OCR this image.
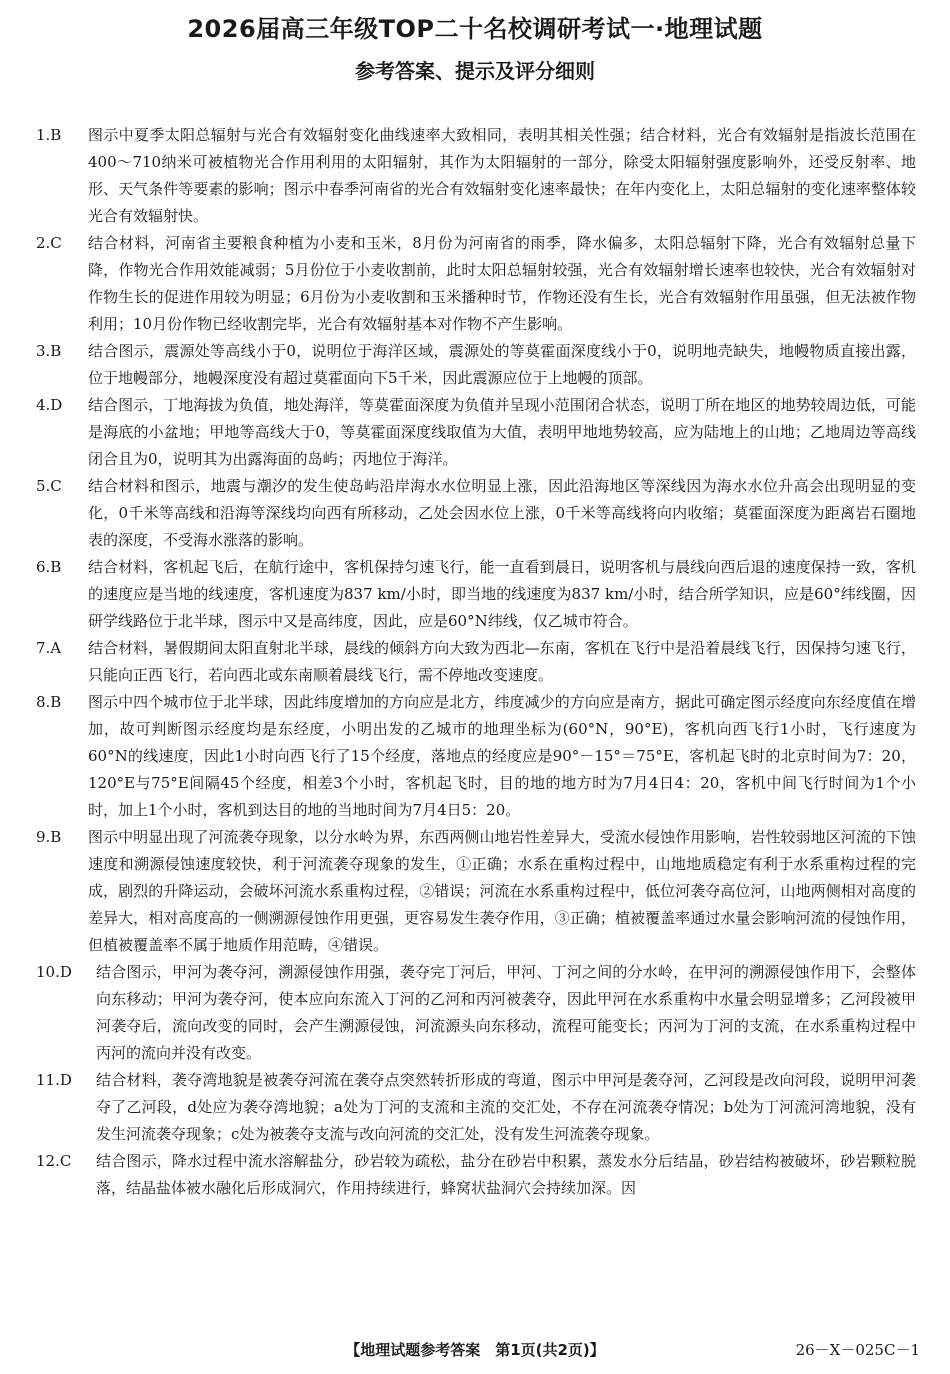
2026届高三年级TOP二十名校调研考试一·地理试题
参考答案、提示及评分细则
1.B	图示中夏季太阳总辐射与光合有效辐射变化曲线速率大致相同，表明其相关性强；结合材料，光合有效辐射是指波长范围在400～710纳米可被植物光合作用利用的太阳辐射，其作为太阳辐射的一部分，除受太阳辐射强度影响外，还受反射率、地形、天气条件等要素的影响；图示中春季河南省的光合有效辐射变化速率最快；在年内变化上，太阳总辐射的变化速率整体较光合有效辐射快。
2.C	结合材料，河南省主要粮食种植为小麦和玉米，8月份为河南省的雨季，降水偏多，太阳总辐射下降，光合有效辐射总量下降，作物光合作用效能减弱；5月份位于小麦收割前，此时太阳总辐射较强，光合有效辐射增长速率也较快，光合有效辐射对作物生长的促进作用较为明显；6月份为小麦收割和玉米播种时节，作物还没有生长，光合有效辐射作用虽强，但无法被作物利用；10月份作物已经收割完毕，光合有效辐射基本对作物不产生影响。
3.B	结合图示，震源处等高线小于0，说明位于海洋区域，震源处的等莫霍面深度线小于0，说明地壳缺失，地幔物质直接出露，位于地幔部分，地幔深度没有超过莫霍面向下5千米，因此震源应位于上地幔的顶部。
4.D	结合图示，丁地海拔为负值，地处海洋，等莫霍面深度为负值并呈现小范围闭合状态，说明丁所在地区的地势较周边低，可能是海底的小盆地；甲地等高线大于0，等莫霍面深度线取值为大值，表明甲地地势较高，应为陆地上的山地；乙地周边等高线闭合且为0，说明其为出露海面的岛屿；丙地位于海洋。
5.C	结合材料和图示，地震与潮汐的发生使岛屿沿岸海水水位明显上涨，因此沿海地区等深线因为海水水位升高会出现明显的变化，0千米等高线和沿海等深线均向西有所移动，乙处会因水位上涨，0千米等高线将向内收缩；莫霍面深度为距离岩石圈地表的深度，不受海水涨落的影响。
6.B	结合材料，客机起飞后，在航行途中，客机保持匀速飞行，能一直看到晨日，说明客机与晨线向西后退的速度保持一致，客机的速度应是当地的线速度，客机速度为837 km/小时，即当地的线速度为837 km/小时，结合所学知识，应是60°纬线圈，因研学线路位于北半球，图示中又是高纬度，因此，应是60°N纬线，仅乙城市符合。
7.A	结合材料，暑假期间太阳直射北半球，晨线的倾斜方向大致为西北—东南，客机在飞行中是沿着晨线飞行，因保持匀速飞行，只能向正西飞行，若向西北或东南顺着晨线飞行，需不停地改变速度。
8.B	图示中四个城市位于北半球，因此纬度增加的方向应是北方，纬度减少的方向应是南方，据此可确定图示经度向东经度值在增加，故可判断图示经度均是东经度，小明出发的乙城市的地理坐标为(60°N，90°E)，客机向西飞行1小时，飞行速度为60°N的线速度，因此1小时向西飞行了15个经度，落地点的经度应是90°－15°＝75°E，客机起飞时的北京时间为7：20，120°E与75°E间隔45个经度，相差3个小时，客机起飞时，目的地的地方时为7月4日4：20，客机中间飞行时间为1个小时，加上1个小时，客机到达目的地的当地时间为7月4日5：20。
9.B	图示中明显出现了河流袭夺现象，以分水岭为界，东西两侧山地岩性差异大，受流水侵蚀作用影响，岩性较弱地区河流的下蚀速度和溯源侵蚀速度较快，利于河流袭夺现象的发生，①正确；水系在重构过程中，山地地质稳定有利于水系重构过程的完成，剧烈的升降运动，会破坏河流水系重构过程，②错误；河流在水系重构过程中，低位河袭夺高位河，山地两侧相对高度的差异大，相对高度高的一侧溯源侵蚀作用更强，更容易发生袭夺作用，③正确；植被覆盖率通过水量会影响河流的侵蚀作用，但植被覆盖率不属于地质作用范畴，④错误。
10.D	结合图示，甲河为袭夺河，溯源侵蚀作用强，袭夺完丁河后，甲河、丁河之间的分水岭，在甲河的溯源侵蚀作用下，会整体向东移动；甲河为袭夺河，使本应向东流入丁河的乙河和丙河被袭夺，因此甲河在水系重构中水量会明显增多；乙河段被甲河袭夺后，流向改变的同时，会产生溯源侵蚀，河流源头向东移动，流程可能变长；丙河为丁河的支流，在水系重构过程中丙河的流向并没有改变。
11.D	结合材料，袭夺湾地貌是被袭夺河流在袭夺点突然转折形成的弯道，图示中甲河是袭夺河，乙河段是改向河段，说明甲河袭夺了乙河段，d处应为袭夺湾地貌；a处为丁河的支流和主流的交汇处，不存在河流袭夺情况；b处为丁河流河湾地貌，没有发生河流袭夺现象；c处为被袭夺支流与改向河流的交汇处，没有发生河流袭夺现象。
12.C	结合图示，降水过程中流水溶解盐分，砂岩较为疏松，盐分在砂岩中积累，蒸发水分后结晶，砂岩结构被破坏，砂岩颗粒脱落，结晶盐体被水融化后形成洞穴，作用持续进行，蜂窝状盐洞穴会持续加深。因
【地理试题参考答案　第1页(共2页)】	26－X－025C－1
